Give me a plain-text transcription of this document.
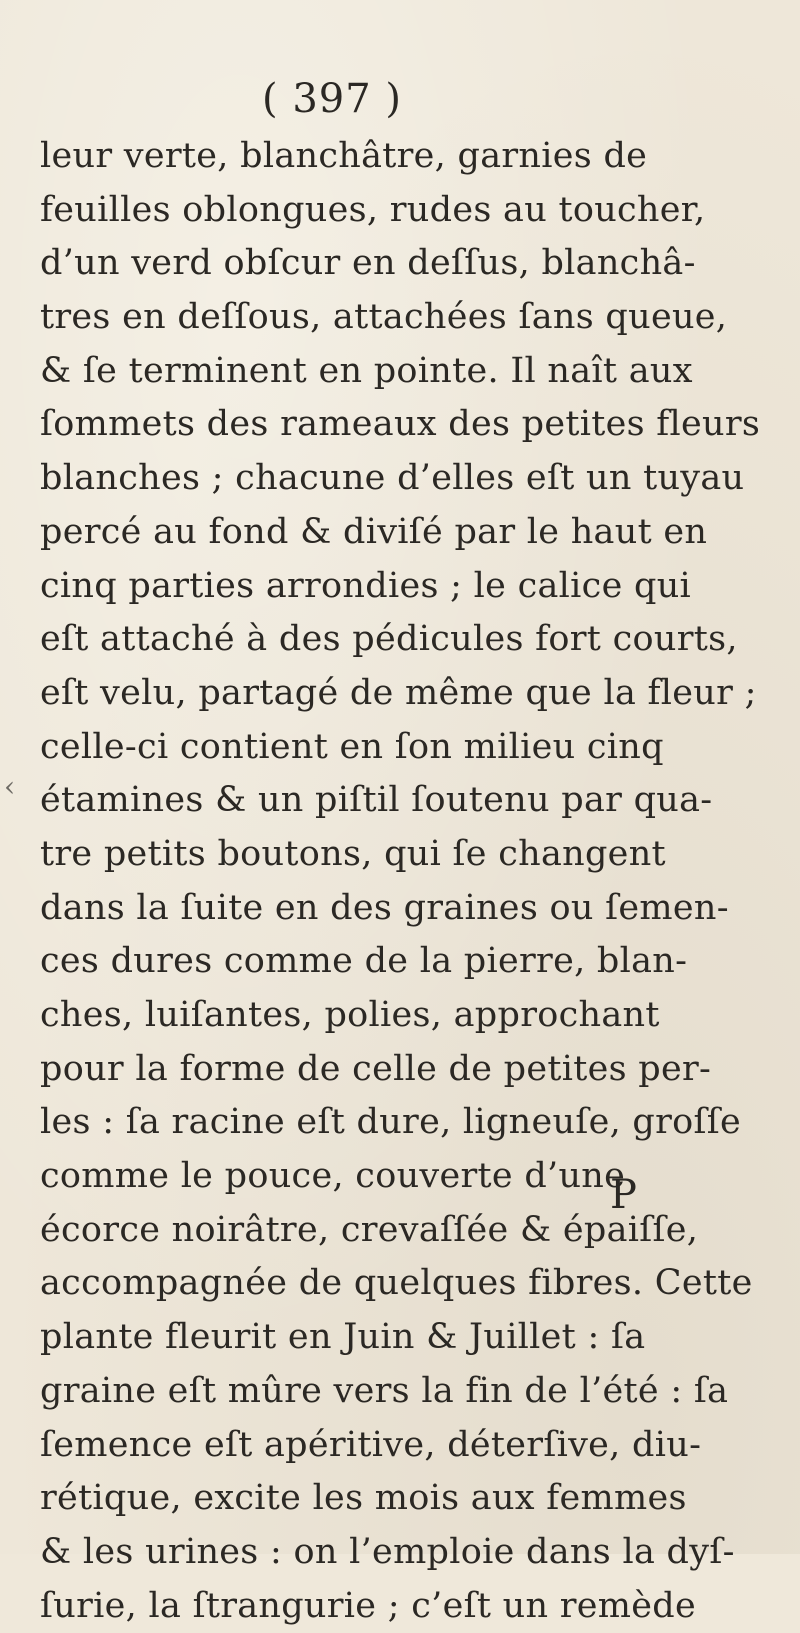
( 397 )
‹
leur verte, blanchâtre, garnies de
feuilles oblongues, rudes au toucher,
d’un verd obſcur en deſſus, blanchâ-
tres en deſſous, attachées ſans queue,
& ſe terminent en pointe. Il naît aux
ſommets des rameaux des petites fleurs
blanches ; chacune d’elles eſt un tuyau
percé au fond & diviſé par le haut en
cinq parties arrondies ; le calice qui
eſt attaché à des pédicules fort courts,
eſt velu, partagé de même que la fleur ;
celle-ci contient en ſon milieu cinq
étamines & un piſtil ſoutenu par qua-
tre petits boutons, qui ſe changent
dans la ſuite en des graines ou ſemen-
ces dures comme de la pierre, blan-
ches, luiſantes, polies, approchant
pour la forme de celle de petites per-
les : ſa racine eſt dure, ligneuſe, groſſe
comme le pouce, couverte d’une
écorce noirâtre, crevaſſée & épaiſſe,
accompagnée de quelques fibres. Cette
plante fleurit en Juin & Juillet : ſa
graine eſt mûre vers la fin de l’été : ſa
ſemence eſt apéritive, déterſive, diu-
rétique, excite les mois aux femmes
& les urines : on l’emploie dans la dyſ-
ſurie, la ſtrangurie ; c’eſt un remède
P
